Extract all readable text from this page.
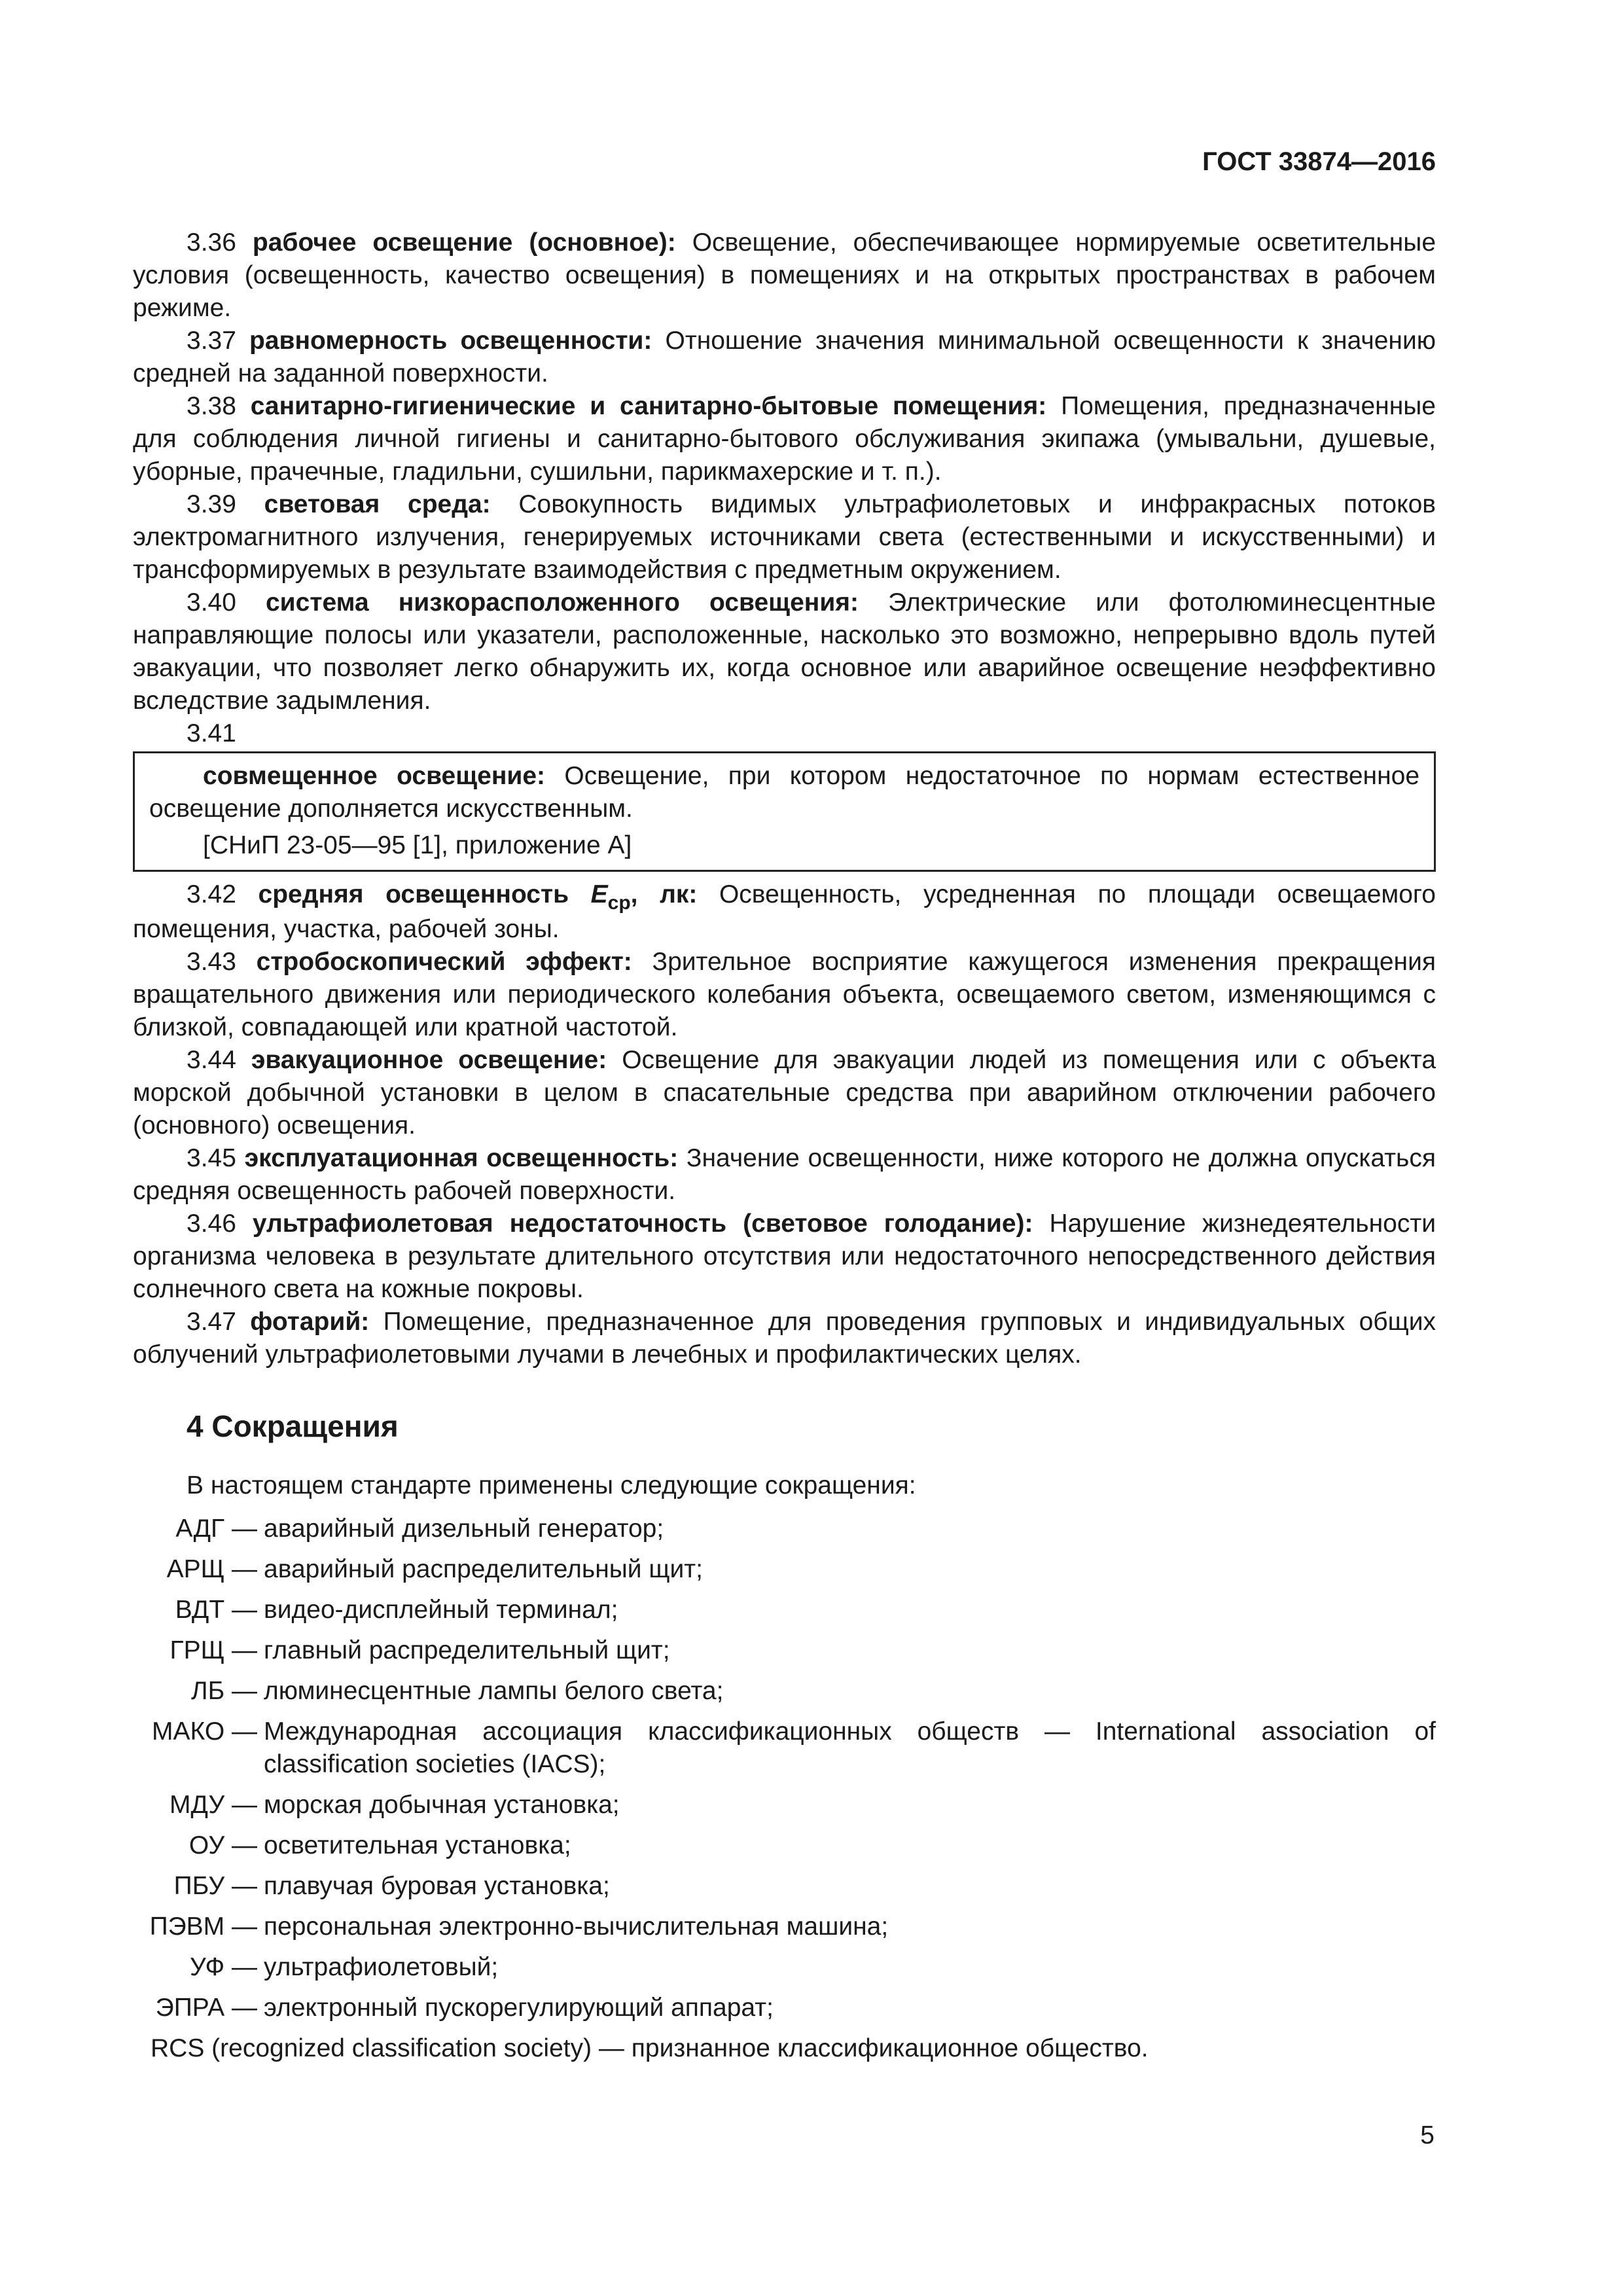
ГОСТ 33874—2016

3.36 рабочее освещение (основное): Освещение, обеспечивающее нормируемые осветительные условия (освещенность, качество освещения) в помещениях и на открытых пространствах в рабочем режиме.

3.37 равномерность освещенности: Отношение значения минимальной освещенности к значению средней на заданной поверхности.

3.38 санитарно-гигиенические и санитарно-бытовые помещения: Помещения, предназначенные для соблюдения личной гигиены и санитарно-бытового обслуживания экипажа (умывальни, душевые, уборные, прачечные, гладильни, сушильни, парикмахерские и т. п.).

3.39 световая среда: Совокупность видимых ультрафиолетовых и инфракрасных потоков электромагнитного излучения, генерируемых источниками света (естественными и искусственными) и трансформируемых в результате взаимодействия с предметным окружением.

3.40 система низкорасположенного освещения: Электрические или фотолюминесцентные направляющие полосы или указатели, расположенные, насколько это возможно, непрерывно вдоль путей эвакуации, что позволяет легко обнаружить их, когда основное или аварийное освещение неэффективно вследствие задымления.

3.41

совмещенное освещение: Освещение, при котором недостаточное по нормам естественное освещение дополняется искусственным.

[СНиП 23-05—95 [1], приложение А]

3.42 средняя освещенность $E_{ср}$, лк: Освещенность, усредненная по площади освещаемого помещения, участка, рабочей зоны.

3.43 стробоскопический эффект: Зрительное восприятие кажущегося изменения прекращения вращательного движения или периодического колебания объекта, освещаемого светом, изменяющимся с близкой, совпадающей или кратной частотой.

3.44 эвакуационное освещение: Освещение для эвакуации людей из помещения или с объекта морской добычной установки в целом в спасательные средства при аварийном отключении рабочего (основного) освещения.

3.45 эксплуатационная освещенность: Значение освещенности, ниже которого не должна опускаться средняя освещенность рабочей поверхности.

3.46 ультрафиолетовая недостаточность (световое голодание): Нарушение жизнедеятельности организма человека в результате длительного отсутствия или недостаточного непосредственного действия солнечного света на кожные покровы.

3.47 фотарий: Помещение, предназначенное для проведения групповых и индивидуальных общих облучений ультрафиолетовыми лучами в лечебных и профилактических целях.

4 Сокращения

В настоящем стандарте применены следующие сокращения:

АДГ — аварийный дизельный генератор;
АРЩ — аварийный распределительный щит;
ВДТ — видео-дисплейный терминал;
ГРЩ — главный распределительный щит;
ЛБ — люминесцентные лампы белого света;
МАКО — Международная ассоциация классификационных обществ — International association of classification societies (IACS);
МДУ — морская добычная установка;
ОУ — осветительная установка;
ПБУ — плавучая буровая установка;
ПЭВМ — персональная электронно-вычислительная машина;
УФ — ультрафиолетовый;
ЭПРА — электронный пускорегулирующий аппарат;
RCS (recognized classification society) — признанное классификационное общество.
5
